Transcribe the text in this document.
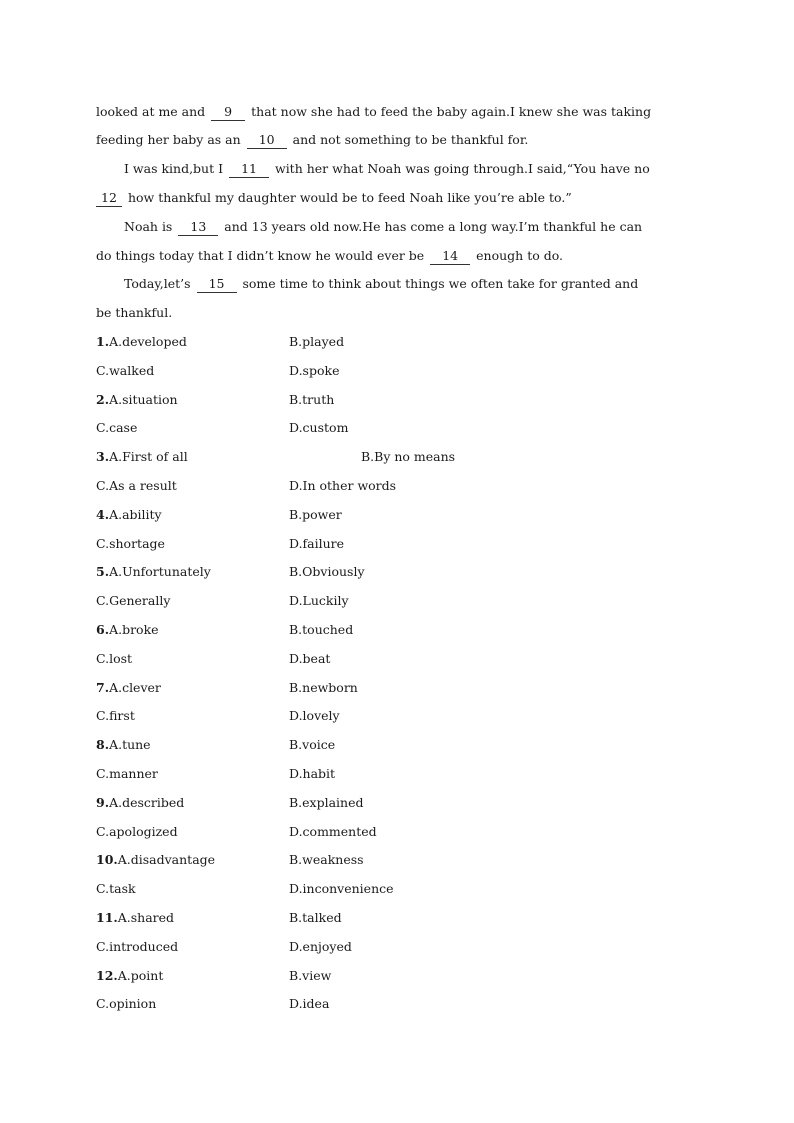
looked at me and 9 that now she had to feed the baby again.I knew she was taking
feeding her baby as an 10 and not something to be thankful for.
I was kind,but I 11 with her what Noah was going through.I said,“You have no
12 how thankful my daughter would be to feed Noah like you’re able to.”
Noah is 13 and 13 years old now.He has come a long way.I’m thankful he can
do things today that I didn’t know he would ever be 14 enough to do.
Today,let’s 15 some time to think about things we often take for granted and
be thankful.
1.A.developed	B.played
C.walked	D.spoke
2.A.situation	B.truth
C.case	D.custom
3.A.First of all	B.By no means
C.As a result	D.In other words
4.A.ability	B.power
C.shortage	D.failure
5.A.Unfortunately	B.Obviously
C.Generally	D.Luckily
6.A.broke	B.touched
C.lost	D.beat
7.A.clever	B.newborn
C.first	D.lovely
8.A.tune	B.voice
C.manner	D.habit
9.A.described	B.explained
C.apologized	D.commented
10.A.disadvantage	B.weakness
C.task	D.inconvenience
11.A.shared	B.talked
C.introduced	D.enjoyed
12.A.point	B.view
C.opinion	D.idea
